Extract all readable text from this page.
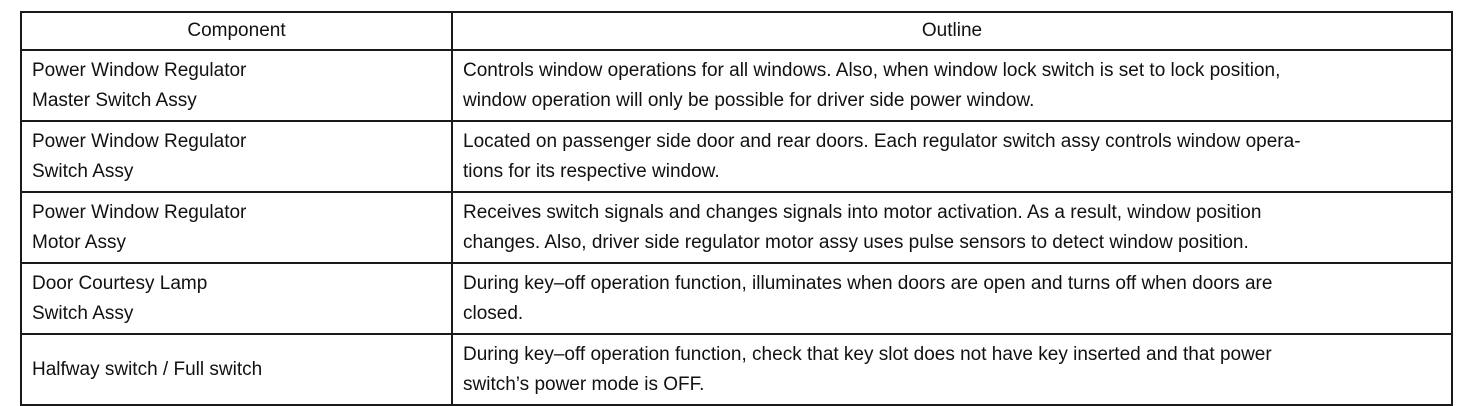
Component	Outline

Power Window Regulator
Master Switch Assy	Controls window operations for all windows. Also, when window lock switch is set to lock position,
window operation will only be possible for driver side power window.

Power Window Regulator
Switch Assy	Located on passenger side door and rear doors. Each regulator switch assy controls window opera-
tions for its respective window.

Power Window Regulator
Motor Assy	Receives switch signals and changes signals into motor activation. As a result, window position
changes. Also, driver side regulator motor assy uses pulse sensors to detect window position.

Door Courtesy Lamp
Switch Assy	During key–off operation function, illuminates when doors are open and turns off when doors are
closed.

Halfway switch / Full switch	During key–off operation function, check that key slot does not have key inserted and that power
switch’s power mode is OFF.
